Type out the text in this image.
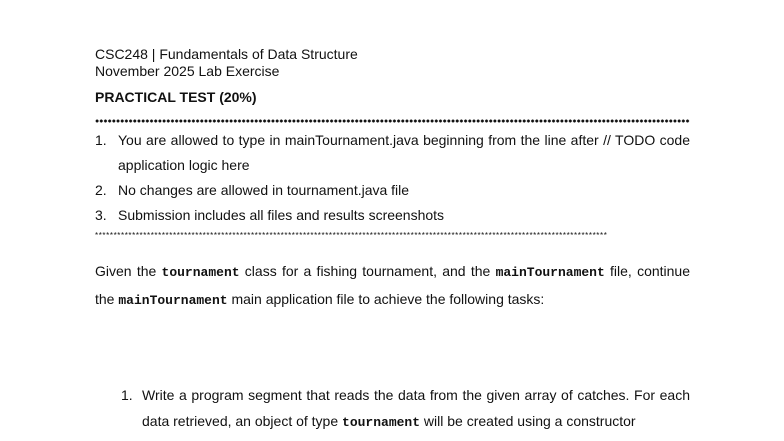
CSC248 | Fundamentals of Data Structure
November 2025 Lab Exercise
PRACTICAL TEST (20%)
1. You are allowed to type in mainTournament.java beginning from the line after // TODO code application logic here
2. No changes are allowed in tournament.java file
3. Submission includes all files and results screenshots
******************************************************************************************************************************************
Given the tournament class for a fishing tournament, and the mainTournament file, continue the mainTournament main application file to achieve the following tasks:
1. Write a program segment that reads the data from the given array of catches. For each data retrieved, an object of type tournament will be created using a constructor
